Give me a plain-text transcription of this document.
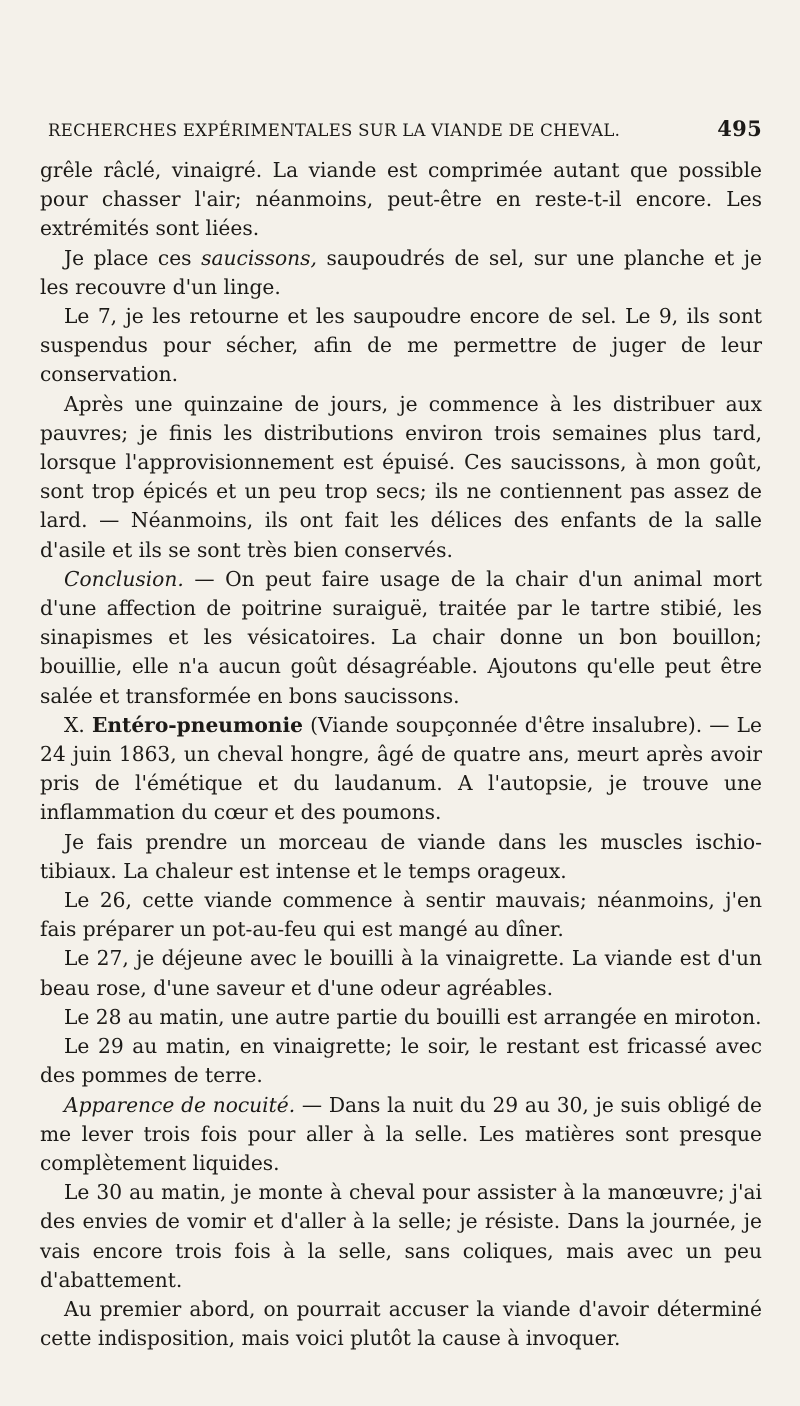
RECHERCHES EXPÉRIMENTALES SUR LA VIANDE DE CHEVAL.	495

grêle râclé, vinaigré. La viande est comprimée autant que possible pour chasser l'air; néanmoins, peut-être en reste-t-il encore. Les extrémités sont liées.

Je place ces saucissons, saupoudrés de sel, sur une planche et je les recouvre d'un linge.

Le 7, je les retourne et les saupoudre encore de sel. Le 9, ils sont suspendus pour sécher, afin de me permettre de juger de leur conservation.

Après une quinzaine de jours, je commence à les distribuer aux pauvres; je finis les distributions environ trois semaines plus tard, lorsque l'approvisionnement est épuisé. Ces saucissons, à mon goût, sont trop épicés et un peu trop secs; ils ne contiennent pas assez de lard. — Néanmoins, ils ont fait les délices des enfants de la salle d'asile et ils se sont très bien conservés.

Conclusion. — On peut faire usage de la chair d'un animal mort d'une affection de poitrine suraiguë, traitée par le tartre stibié, les sinapismes et les vésicatoires. La chair donne un bon bouillon; bouillie, elle n'a aucun goût désagréable. Ajoutons qu'elle peut être salée et transformée en bons saucissons.

X. Entéro-pneumonie (Viande soupçonnée d'être insalubre). — Le 24 juin 1863, un cheval hongre, âgé de quatre ans, meurt après avoir pris de l'émétique et du laudanum. A l'autopsie, je trouve une inflammation du cœur et des poumons.

Je fais prendre un morceau de viande dans les muscles ischio-tibiaux. La chaleur est intense et le temps orageux.

Le 26, cette viande commence à sentir mauvais; néanmoins, j'en fais préparer un pot-au-feu qui est mangé au dîner.

Le 27, je déjeune avec le bouilli à la vinaigrette. La viande est d'un beau rose, d'une saveur et d'une odeur agréables.

Le 28 au matin, une autre partie du bouilli est arrangée en miroton.

Le 29 au matin, en vinaigrette; le soir, le restant est fricassé avec des pommes de terre.

Apparence de nocuité. — Dans la nuit du 29 au 30, je suis obligé de me lever trois fois pour aller à la selle. Les matières sont presque complètement liquides.

Le 30 au matin, je monte à cheval pour assister à la manœuvre; j'ai des envies de vomir et d'aller à la selle; je résiste. Dans la journée, je vais encore trois fois à la selle, sans coliques, mais avec un peu d'abattement.

Au premier abord, on pourrait accuser la viande d'avoir déterminé cette indisposition, mais voici plutôt la cause à invoquer.
